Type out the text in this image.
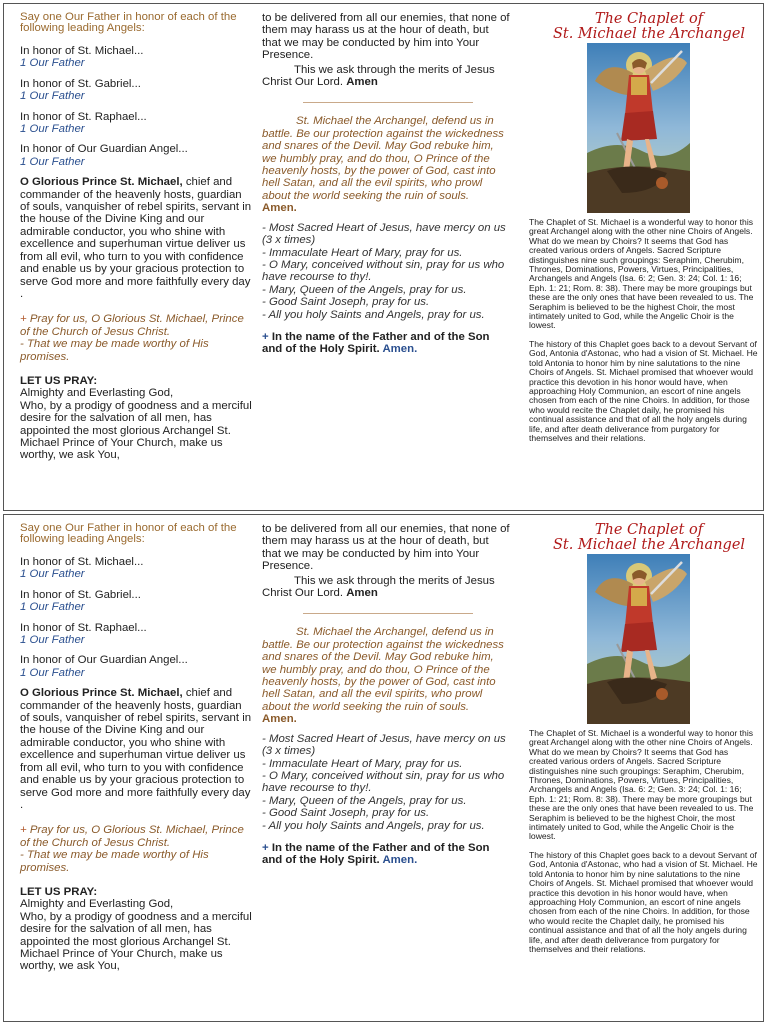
Say one Our Father in honor of each of the following leading Angels:

In honor of St. Michael...

1 Our Father

In honor of St. Gabriel...

1 Our Father

In honor of St. Raphael...

1 Our Father

In honor of Our Guardian Angel...

1 Our Father

O Glorious Prince St. Michael, chief and commander of the heavenly hosts, guardian of souls, vanquisher of rebel spirits, servant in the house of the Divine King and our admirable conductor, you who shine with excellence and superhuman virtue deliver us from all evil, who turn to you with confidence and enable us by your gracious protection to serve God more and more faithfully every day .

+ Pray for us, O Glorious St. Michael, Prince of the Church of Jesus Christ.

- That we may be made worthy of His promises.

LET US PRAY:

Almighty and Everlasting God,

Who, by a prodigy of goodness and a merciful desire for the salvation of all men, has appointed the most glorious Archangel St. Michael Prince of Your Church, make us worthy, we ask You,

to be delivered from all our enemies, that none of them may harass us at the hour of death, but that we may be conducted by him into Your Presence.

This we ask through the merits of Jesus Christ Our Lord. Amen

St. Michael the Archangel, defend us in battle. Be our protection against the wickedness and snares of the Devil. May God rebuke him, we humbly pray, and do thou, O Prince of the heavenly hosts, by the power of God, cast into hell Satan, and all the evil spirits, who prowl about the world seeking the ruin of souls.
Amen.

- Most Sacred Heart of Jesus, have mercy on us (3 x times)

- Immaculate Heart of Mary, pray for us.

- O Mary, conceived without sin, pray for us who have recourse to thy!.

- Mary, Queen of the Angels, pray for us.

- Good Saint Joseph, pray for us.

- All you holy Saints and Angels, pray for us.

+ In the name of the Father and of the Son and of the Holy Spirit. Amen.

The Chaplet of
St. Michael the Archangel

The Chaplet of St. Michael is a wonderful way to honor this great Archangel along with the other nine Choirs of Angels. What do we mean by Choirs? It seems that God has created various orders of Angels. Sacred Scripture distinguishes nine such groupings: Seraphim, Cherubim, Thrones, Dominations, Powers, Virtues, Principalities, Archangels and Angels (Isa. 6: 2; Gen. 3: 24; Col. 1: 16; Eph. 1: 21; Rom. 8: 38). There may be more groupings but these are the only ones that have been revealed to us. The Seraphim is believed to be the highest Choir, the most intimately united to God, while the Angelic Choir is the lowest.

The history of this Chaplet goes back to a devout Servant of God, Antonia d'Astonac, who had a vision of St. Michael. He told Antonia to honor him by nine salutations to the nine Choirs of Angels. St. Michael promised that whoever would practice this devotion in his honor would have, when approaching Holy Communion, an escort of nine angels chosen from each of the nine Choirs. In addition, for those who would recite the Chaplet daily, he promised his continual assistance and that of all the holy angels during life, and after death deliverance from purgatory for themselves and their relations.

Say one Our Father in honor of each of the following leading Angels:

In honor of St. Michael...

1 Our Father

In honor of St. Gabriel...

1 Our Father

In honor of St. Raphael...

1 Our Father

In honor of Our Guardian Angel...

1 Our Father

O Glorious Prince St. Michael, chief and commander of the heavenly hosts, guardian of souls, vanquisher of rebel spirits, servant in the house of the Divine King and our admirable conductor, you who shine with excellence and superhuman virtue deliver us from all evil, who turn to you with confidence and enable us by your gracious protection to serve God more and more faithfully every day .

+ Pray for us, O Glorious St. Michael, Prince of the Church of Jesus Christ.

- That we may be made worthy of His promises.

LET US PRAY:

Almighty and Everlasting God,

Who, by a prodigy of goodness and a merciful desire for the salvation of all men, has appointed the most glorious Archangel St. Michael Prince of Your Church, make us worthy, we ask You,

to be delivered from all our enemies, that none of them may harass us at the hour of death, but that we may be conducted by him into Your Presence.

This we ask through the merits of Jesus Christ Our Lord. Amen

St. Michael the Archangel, defend us in battle. Be our protection against the wickedness and snares of the Devil. May God rebuke him, we humbly pray, and do thou, O Prince of the heavenly hosts, by the power of God, cast into hell Satan, and all the evil spirits, who prowl about the world seeking the ruin of souls.
Amen.

- Most Sacred Heart of Jesus, have mercy on us (3 x times)

- Immaculate Heart of Mary, pray for us.

- O Mary, conceived without sin, pray for us who have recourse to thy!.

- Mary, Queen of the Angels, pray for us.

- Good Saint Joseph, pray for us.

- All you holy Saints and Angels, pray for us.

+ In the name of the Father and of the Son and of the Holy Spirit. Amen.

The Chaplet of
St. Michael the Archangel

The Chaplet of St. Michael is a wonderful way to honor this great Archangel along with the other nine Choirs of Angels. What do we mean by Choirs? It seems that God has created various orders of Angels. Sacred Scripture distinguishes nine such groupings: Seraphim, Cherubim, Thrones, Dominations, Powers, Virtues, Principalities, Archangels and Angels (Isa. 6: 2; Gen. 3: 24; Col. 1: 16; Eph. 1: 21; Rom. 8: 38). There may be more groupings but these are the only ones that have been revealed to us. The Seraphim is believed to be the highest Choir, the most intimately united to God, while the Angelic Choir is the lowest.

The history of this Chaplet goes back to a devout Servant of God, Antonia d'Astonac, who had a vision of St. Michael. He told Antonia to honor him by nine salutations to the nine Choirs of Angels. St. Michael promised that whoever would practice this devotion in his honor would have, when approaching Holy Communion, an escort of nine angels chosen from each of the nine Choirs. In addition, for those who would recite the Chaplet daily, he promised his continual assistance and that of all the holy angels during life, and after death deliverance from purgatory for themselves and their relations.
